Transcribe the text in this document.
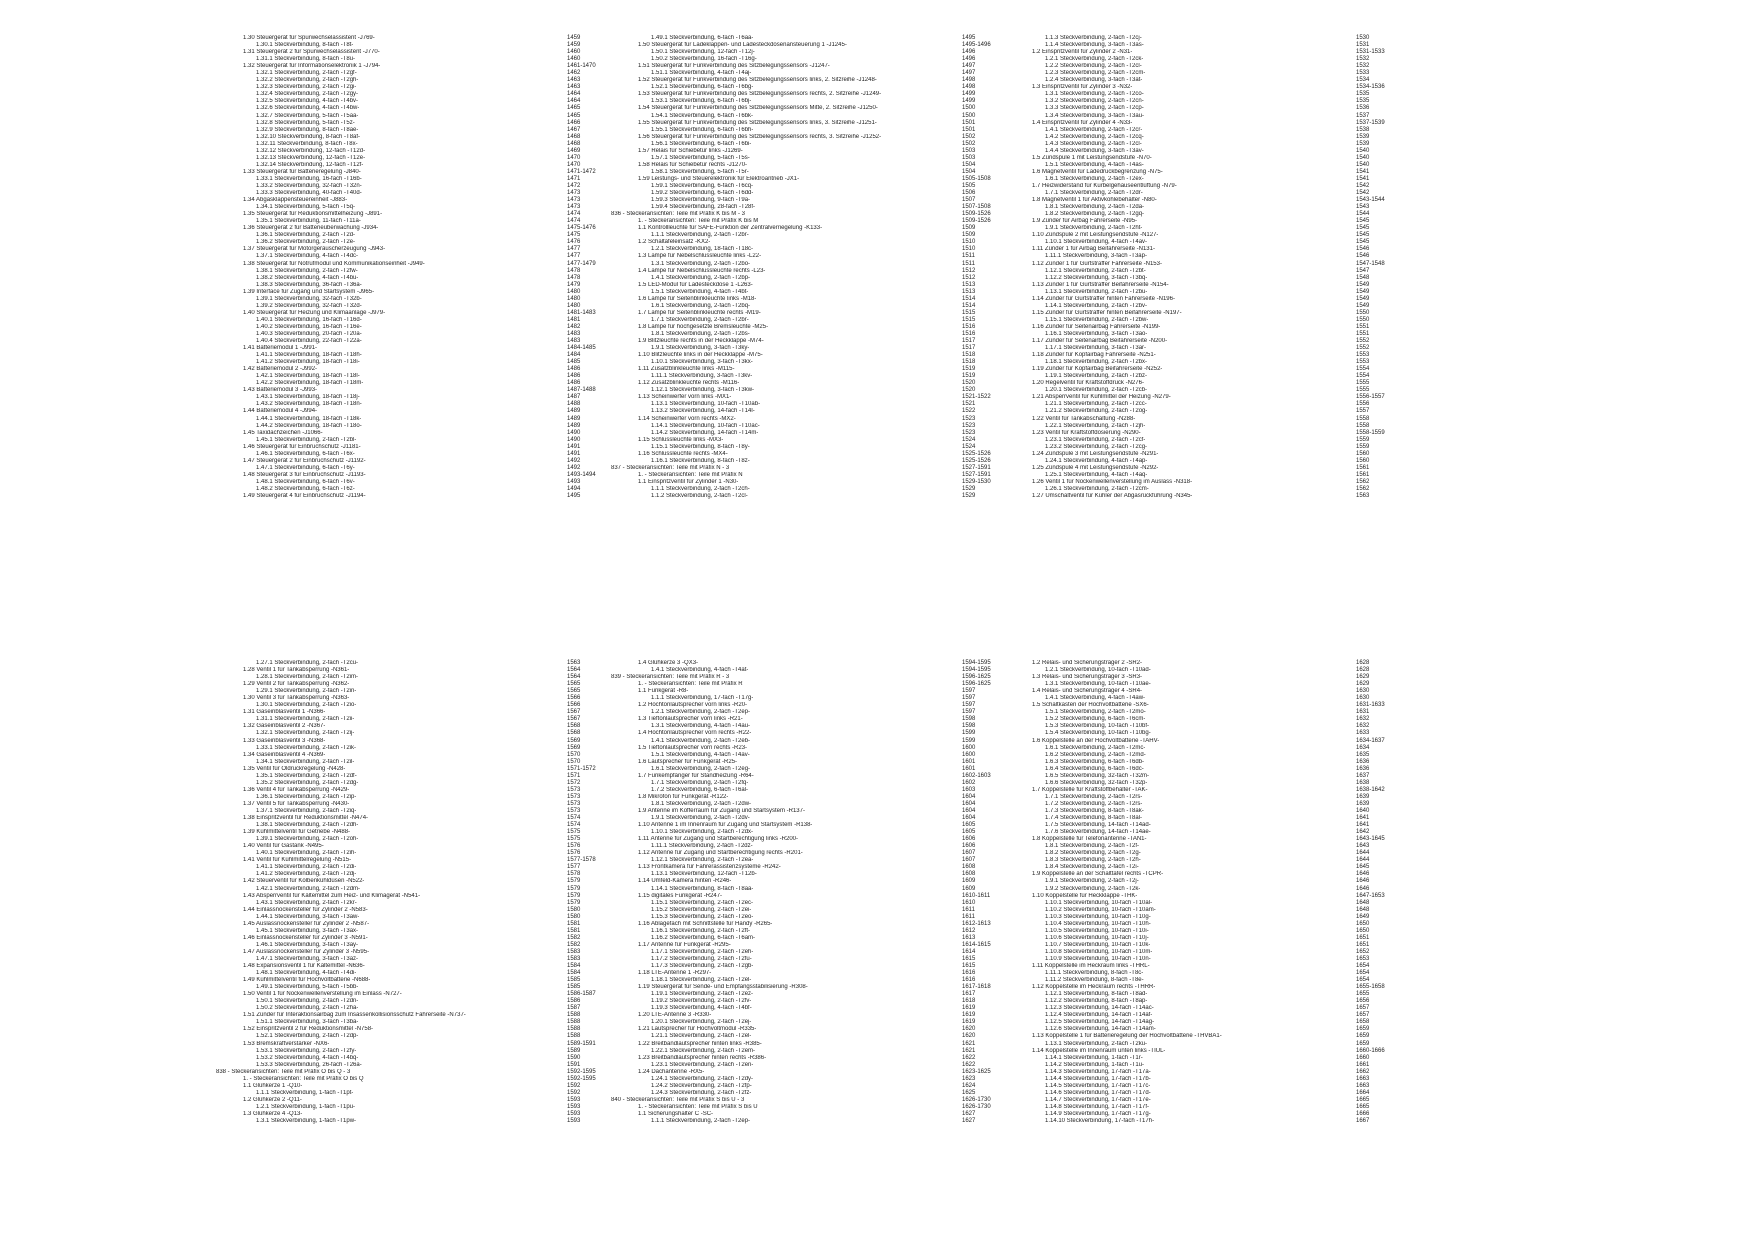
1.30 Steuergerät für Spurwechselassistent -J769-	1459
1.30.1 Steckverbindung, 8-fach -T8t-	1459
1.31 Steuergerät 2 für Spurwechselassistent -J770-	1460
1.31.1 Steckverbindung, 8-fach -T8u-	1460
1.32 Steuergerät für Informationselektronik 1 -J794-	1461-1470
1.32.1 Steckverbindung, 2-fach -T2gf-	1462
1.32.2 Steckverbindung, 2-fach -T2gh-	1463
1.32.3 Steckverbindung, 2-fach -T2gi-	1463
1.32.4 Steckverbindung, 2-fach -T2gy-	1464
1.32.5 Steckverbindung, 4-fach -T4bv-	1464
1.32.6 Steckverbindung, 4-fach -T4bw-	1465
1.32.7 Steckverbindung, 5-fach -T5aa-	1465
1.32.8 Steckverbindung, 5-fach -T5z-	1466
1.32.9 Steckverbindung, 8-fach -T8ae-	1467
1.32.10 Steckverbindung, 8-fach -T8af-	1468
1.32.11 Steckverbindung, 8-fach -T8x-	1468
1.32.12 Steckverbindung, 12-fach -T12d-	1469
1.32.13 Steckverbindung, 12-fach -T12e-	1470
1.32.14 Steckverbindung, 12-fach -T12f-	1470
1.33 Steuergerät für Batterieregelung -J840-	1471-1472
1.33.1 Steckverbindung, 16-fach -T16b-	1471
1.33.2 Steckverbindung, 32-fach -T32n-	1472
1.33.3 Steckverbindung, 40-fach -T40d-	1473
1.34 Abgasklappensteuereinheit -J883-	1473
1.34.1 Steckverbindung, 5-fach -T5q-	1473
1.35 Steuergerät für Reduktionsmittelheizung -J891-	1474
1.35.1 Steckverbindung, 11-fach -T11a-	1474
1.36 Steuergerät 2 für Batterieüberwachung -J934-	1475-1476
1.36.1 Steckverbindung, 2-fach -T2d-	1475
1.36.2 Steckverbindung, 2-fach -T2e-	1476
1.37 Steuergerät für Motorgeräuscherzeugung -J943-	1477
1.37.1 Steckverbindung, 4-fach -T4dc-	1477
1.38 Steuergerät für Notrufmodul und Kommunikationseinheit -J949-	1477-1479
1.38.1 Steckverbindung, 2-fach -T2fw-	1478
1.38.2 Steckverbindung, 4-fach -T4bu-	1478
1.38.3 Steckverbindung, 36-fach -T36a-	1479
1.39 Interface für Zugang und Startsystem -J965-	1480
1.39.1 Steckverbindung, 32-fach -T32b-	1480
1.39.2 Steckverbindung, 32-fach -T32d-	1480
1.40 Steuergerät für Heizung und Klimaanlage -J979-	1481-1483
1.40.1 Steckverbindung, 16-fach -T16d-	1481
1.40.2 Steckverbindung, 16-fach -T16e-	1482
1.40.3 Steckverbindung, 20-fach -T20a-	1483
1.40.4 Steckverbindung, 22-fach -T22a-	1483
1.41 Batteriemodul 1 -J991-	1484-1485
1.41.1 Steckverbindung, 18-fach -T18h-	1484
1.41.2 Steckverbindung, 18-fach -T18i-	1485
1.42 Batteriemodul 2 -J992-	1486
1.42.1 Steckverbindung, 18-fach -T18l-	1486
1.42.2 Steckverbindung, 18-fach -T18m-	1486
1.43 Batteriemodul 3 -J993-	1487-1488
1.43.1 Steckverbindung, 18-fach -T18j-	1487
1.43.2 Steckverbindung, 18-fach -T18n-	1488
1.44 Batteriemodul 4 -J994-	1489
1.44.1 Steckverbindung, 18-fach -T18k-	1489
1.44.2 Steckverbindung, 18-fach -T18o-	1489
1.45 Taxidachzeichen -J1066-	1490
1.45.1 Steckverbindung, 2-fach -T2bl-	1490
1.46 Steuergerät für Einbruchschutz -J1181-	1491
1.46.1 Steckverbindung, 6-fach -T6x-	1491
1.47 Steuergerät 2 für Einbruchschutz -J1192-	1492
1.47.1 Steckverbindung, 6-fach -T6y-	1492
1.48 Steuergerät 3 für Einbruchschutz -J1193-	1493-1494
1.48.1 Steckverbindung, 6-fach -T6v-	1493
1.48.2 Steckverbindung, 6-fach -T6z-	1494
1.49 Steuergerät 4 für Einbruchschutz -J1194-	1495
1.49.1 Steckverbindung, 6-fach -T6aa-	1495
1.50 Steuergerät für Ladeklappen- und Ladesteckdosenansteuerung 1 -J1245-	1495-1496
1.50.1 Steckverbindung, 12-fach -T12j-	1496
1.50.2 Steckverbindung, 16-fach -T16g-	1496
1.51 Steuergerät für Funkverbindung des Sitzbelegungssensors -J1247-	1497
1.51.1 Steckverbindung, 4-fach -T4aj-	1497
1.52 Steuergerät für Funkverbindung des Sitzbelegungssensors links, 2. Sitzreihe -J1248-	1498
1.52.1 Steckverbindung, 6-fach -T6bg-	1498
1.53 Steuergerät für Funkverbindung des Sitzbelegungssensors rechts, 2. Sitzreihe -J1249-	1499
1.53.1 Steckverbindung, 6-fach -T6bj-	1499
1.54 Steuergerät für Funkverbindung des Sitzbelegungssensors Mitte, 2. Sitzreihe -J1250-	1500
1.54.1 Steckverbindung, 6-fach -T6bk-	1500
1.55 Steuergerät für Funkverbindung des Sitzbelegungssensors links, 3. Sitzreihe -J1251-	1501
1.55.1 Steckverbindung, 6-fach -T6bh-	1501
1.56 Steuergerät für Funkverbindung des Sitzbelegungssensors rechts, 3. Sitzreihe -J1252-	1502
1.56.1 Steckverbindung, 6-fach -T6bi-	1502
1.57 Relais für Schiebetür links -J1269-	1503
1.57.1 Steckverbindung, 5-fach -T5s-	1503
1.58 Relais für Schiebetür rechts -J1270-	1504
1.58.1 Steckverbindung, 5-fach -T5r-	1504
1.59 Leistungs- und Steuerelektronik für Elektroantrieb -JX1-	1505-1508
1.59.1 Steckverbindung, 6-fach -T6cq-	1505
1.59.2 Steckverbindung, 6-fach -T6dd-	1506
1.59.3 Steckverbindung, 9-fach -T9a-	1507
1.59.4 Steckverbindung, 28-fach -T28f-	1507-1508
836 - Steckeransichten: Teile mit Präfix K bis M - 3	1509-1526
1. - Steckeransichten: Teile mit Präfix K bis M	1509-1526
1.1 Kontrollleuchte für SAFE-Funktion der Zentralverriegelung -K133-	1509
1.1.1 Steckverbindung, 2-fach -T2br-	1509
1.2 Schaltafeleinsatz -KX2-	1510
1.2.1 Steckverbindung, 18-fach -T18c-	1510
1.3 Lampe für Nebelschlussleuchte links -L22-	1511
1.3.1 Steckverbindung, 2-fach -T2bo-	1511
1.4 Lampe für Nebelschlussleuchte rechts -L23-	1512
1.4.1 Steckverbindung, 2-fach -T2bp-	1512
1.5 LED-Modul für Ladesteckdose 1 -L263-	1513
1.5.1 Steckverbindung, 4-fach -T4bt-	1513
1.6 Lampe für Seitenblinkleuchte links -M18-	1514
1.6.1 Steckverbindung, 2-fach -T2bq-	1514
1.7 Lampe für Seitenblinkleuchte rechts -M19-	1515
1.7.1 Steckverbindung, 2-fach -T2br-	1515
1.8 Lampe für hochgesetzte Bremsleuchte -M25-	1516
1.8.1 Steckverbindung, 2-fach -T2bs-	1516
1.9 Blitzleuchte rechts in der Heckklappe -M74-	1517
1.9.1 Steckverbindung, 3-fach -T3ky-	1517
1.10 Blitzleuchte links in der Heckklappe -M75-	1518
1.10.1 Steckverbindung, 3-fach -T3kx-	1518
1.11 Zusatzblinkleuchte links -M115-	1519
1.11.1 Steckverbindung, 3-fach -T3kv-	1519
1.12 Zusatzblinkleuchte rechts -M116-	1520
1.12.1 Steckverbindung, 3-fach -T3kw-	1520
1.13 Scheinwerfer vorn links -MX1-	1521-1522
1.13.1 Steckverbindung, 10-fach -T10ab-	1521
1.13.2 Steckverbindung, 14-fach -T14l-	1522
1.14 Scheinwerfer vorn rechts -MX2-	1523
1.14.1 Steckverbindung, 10-fach -T10ac-	1523
1.14.2 Steckverbindung, 14-fach -T14m-	1523
1.15 Schlussleuchte links -MX3-	1524
1.15.1 Steckverbindung, 8-fach -T8y-	1524
1.16 Schlussleuchte rechts -MX4-	1525-1526
1.16.1 Steckverbindung, 8-fach -T8z-	1525-1526
837 - Steckeransichten: Teile mit Präfix N - 3	1527-1591
1. - Steckeransichten: Teile mit Präfix N	1527-1591
1.1 Einspritzventil für Zylinder 1 -N30-	1529-1530
1.1.1 Steckverbindung, 2-fach -T2ch-	1529
1.1.2 Steckverbindung, 2-fach -T2cl-	1529
1.1.3 Steckverbindung, 2-fach -T2cj-	1530
1.1.4 Steckverbindung, 3-fach -T3as-	1531
1.2 Einspritzventil für Zylinder 2 -N31-	1531-1533
1.2.1 Steckverbindung, 2-fach -T2ck-	1532
1.2.2 Steckverbindung, 2-fach -T2cl-	1532
1.2.3 Steckverbindung, 2-fach -T2cm-	1533
1.2.4 Steckverbindung, 3-fach -T3at-	1534
1.3 Einspritzventil für Zylinder 3 -N32-	1534-1536
1.3.1 Steckverbindung, 2-fach -T2co-	1535
1.3.2 Steckverbindung, 2-fach -T2cn-	1535
1.3.3 Steckverbindung, 2-fach -T2cp-	1536
1.3.4 Steckverbindung, 3-fach -T3au-	1537
1.4 Einspritzventil für Zylinder 4 -N33-	1537-1539
1.4.1 Steckverbindung, 2-fach -T2cr-	1538
1.4.2 Steckverbindung, 2-fach -T2cq-	1539
1.4.3 Steckverbindung, 2-fach -T2cl-	1539
1.4.4 Steckverbindung, 3-fach -T3av-	1540
1.5 Zündspule 1 mit Leistungsendstufe -N70-	1540
1.5.1 Steckverbindung, 4-fach -T4as-	1540
1.6 Magnetventil für Ladedruckbegrenzung -N75-	1541
1.6.1 Steckverbindung, 2-fach -T2ex-	1541
1.7 Heizwiderstand für Kurbelgehäuseentlüftung -N79-	1542
1.7.1 Steckverbindung, 2-fach -T2dr-	1542
1.8 Magnetventil 1 für Aktivkohlebehälter -N80-	1543-1544
1.8.1 Steckverbindung, 2-fach -T2da-	1543
1.8.2 Steckverbindung, 2-fach -T2gq-	1544
1.9 Zünder für Airbag Fahrerseite -N95-	1545
1.9.1 Steckverbindung, 2-fach -T2ht-	1545
1.10 Zündspule 2 mit Leistungsendstufe -N127-	1545
1.10.1 Steckverbindung, 4-fach -T4av-	1545
1.11 Zünder 1 für Airbag Beifahrerseite -N131-	1546
1.11.1 Steckverbindung, 3-fach -T3ap-	1546
1.12 Zünder 1 für Gurtstraffer Fahrerseite -N153-	1547-1548
1.12.1 Steckverbindung, 2-fach -T2bt-	1547
1.12.2 Steckverbindung, 3-fach -T3bq-	1548
1.13 Zünder 1 für Gurtstraffer Beifahrerseite -N154-	1549
1.13.1 Steckverbindung, 2-fach -T2bu-	1549
1.14 Zünder für Gurtstraffer hinten Fahrerseite -N196-	1549
1.14.1 Steckverbindung, 2-fach -T2bv-	1549
1.15 Zünder für Gurtstraffer hinten Beifahrerseite -N197-	1550
1.15.1 Steckverbindung, 2-fach -T2bw-	1550
1.16 Zünder für Seitenairbag Fahrerseite -N199-	1551
1.16.1 Steckverbindung, 3-fach -T3ao-	1551
1.17 Zünder für Seitenairbag Beifahrerseite -N200-	1552
1.17.1 Steckverbindung, 3-fach -T3ar-	1552
1.18 Zünder für Kopfairbag Fahrerseite -N251-	1553
1.18.1 Steckverbindung, 2-fach -T2bx-	1553
1.19 Zünder für Kopfairbag Beifahrerseite -N252-	1554
1.19.1 Steckverbindung, 2-fach -T2bz-	1554
1.20 Regelventil für Kraftstoffdruck -N276-	1555
1.20.1 Steckverbindung, 2-fach -T2cb-	1555
1.21 Absperrventil für Kühlmittel der Heizung -N279-	1556-1557
1.21.1 Steckverbindung, 2-fach -T2cc-	1556
1.21.2 Steckverbindung, 2-fach -T2og-	1557
1.22 Ventil für Tankabschaltung -N288-	1558
1.22.1 Steckverbindung, 2-fach -T2jh-	1558
1.23 Ventil für Kraftstoffdosierung -N290-	1558-1559
1.23.1 Steckverbindung, 2-fach -T2cf-	1559
1.23.2 Steckverbindung, 2-fach -T2cg-	1559
1.24 Zündspule 3 mit Leistungsendstufe -N291-	1560
1.24.1 Steckverbindung, 4-fach -T4ap-	1560
1.25 Zündspule 4 mit Leistungsendstufe -N292-	1561
1.25.1 Steckverbindung, 4-fach -T4aq-	1561
1.26 Ventil 1 für Nockenwellenverstellung im Auslass -N318-	1562
1.26.1 Steckverbindung, 2-fach -T2cm-	1562
1.27 Umschaltventil für Kühler der Abgasrückführung -N345-	1563
1.27.1 Steckverbindung, 2-fach -T2cu-	1563
1.28 Ventil 1 für Tankabsperrung -N361-	1564
1.28.1 Steckverbindung, 2-fach -T2im-	1564
1.29 Ventil 2 für Tankabsperrung -N362-	1565
1.29.1 Steckverbindung, 2-fach -T2in-	1565
1.30 Ventil 3 für Tankabsperrung -N363-	1566
1.30.1 Steckverbindung, 2-fach -T2io-	1566
1.31 Gaseinblasventil 1 -N366-	1567
1.31.1 Steckverbindung, 2-fach -T2ii-	1567
1.32 Gaseinblasventil 2 -N367-	1568
1.32.1 Steckverbindung, 2-fach -T2ij-	1568
1.33 Gaseinblasventil 3 -N368-	1569
1.33.1 Steckverbindung, 2-fach -T2ik-	1569
1.34 Gaseinblasventil 4 -N369-	1570
1.34.1 Steckverbindung, 2-fach -T2il-	1570
1.35 Ventil für Öldruckregelung -N428-	1571-1572
1.35.1 Steckverbindung, 2-fach -T2df-	1571
1.35.2 Steckverbindung, 2-fach -T2dg-	1572
1.36 Ventil 4 für Tankabsperrung -N429-	1573
1.36.1 Steckverbindung, 2-fach -T2ip-	1573
1.37 Ventil 5 für Tankabsperrung -N430-	1573
1.37.1 Steckverbindung, 2-fach -T2iq-	1573
1.38 Einspritzventil für Reduktionsmittel -N474-	1574
1.38.1 Steckverbindung, 2-fach -T2dh-	1574
1.39 Kühlmittelventil für Getriebe -N488-	1575
1.39.1 Steckverbindung, 2-fach -T2oh-	1575
1.40 Ventil für Gastank -N495-	1576
1.40.1 Steckverbindung, 2-fach -T2ih-	1576
1.41 Ventil für Kühlmittelregelung -N515-	1577-1578
1.41.1 Steckverbindung, 2-fach -T2di-	1577
1.41.2 Steckverbindung, 2-fach -T2dj-	1578
1.42 Steuerventil für Kolbenkühldüsen -N522-	1579
1.42.1 Steckverbindung, 2-fach -T2dm-	1579
1.43 Absperrventil für Kältemittel zum Heiz- und Klimagerät -N541-	1579
1.43.1 Steckverbindung, 2-fach -T2kr-	1579
1.44 Einlassnockensteller für Zylinder 2 -N583-	1580
1.44.1 Steckverbindung, 3-fach -T3aw-	1580
1.45 Auslassnockensteller für Zylinder 2 -N587-	1581
1.45.1 Steckverbindung, 3-fach -T3ax-	1581
1.46 Einlassnockensteller für Zylinder 3 -N591-	1582
1.46.1 Steckverbindung, 3-fach -T3ay-	1582
1.47 Auslassnockensteller für Zylinder 3 -N595-	1583
1.47.1 Steckverbindung, 3-fach -T3az-	1583
1.48 Expansionsventil 1 für Kältemittel -N636-	1584
1.48.1 Steckverbindung, 4-fach -T4di-	1584
1.49 Kühlmittelventil für Hochvoltbatterie -N688-	1585
1.49.1 Steckverbindung, 5-fach -T5bb-	1585
1.50 Ventil 1 für Nockenwellenverstellung im Einlass -N727-	1586-1587
1.50.1 Steckverbindung, 2-fach -T2dn-	1586
1.50.2 Steckverbindung, 2-fach -T2ha-	1587
1.51 Zünder für Interaktionsairbag zum Insassenkollisionsschutz Fahrerseite -N737-	1588
1.51.1 Steckverbindung, 3-fach -T3ba-	1588
1.52 Einspritzventil 2 für Reduktionsmittel -N758-	1588
1.52.1 Steckverbindung, 2-fach -T2dp-	1588
1.53 Bremskraftverstärker -NX6-	1589-1591
1.53.1 Steckverbindung, 2-fach -T2fy-	1589
1.53.2 Steckverbindung, 4-fach -T4bq-	1590
1.53.3 Steckverbindung, 26-fach -T26a-	1591
838 - Steckeransichten: Teile mit Präfix O bis Q - 3	1592-1595
1. - Steckeransichten: Teile mit Präfix O bis Q	1592-1595
1.1 Glühkerze 1 -Q10-	1592
1.1.1 Steckverbindung, 1-fach -T1pt-	1592
1.2 Glühkerze 2 -Q11-	1593
1.2.1 Steckverbindung, 1-fach -T1pu-	1593
1.3 Glühkerze 4 -Q13-	1593
1.3.1 Steckverbindung, 1-fach -T1pw-	1593
1.4 Glühkerze 3 -QX3-	1594-1595
1.4.1 Steckverbindung, 4-fach -T4at-	1594-1595
839 - Steckeransichten: Teile mit Präfix R - 3	1596-1625
1. - Steckeransichten: Teile mit Präfix R	1596-1625
1.1 Funkgerät -R8-	1597
1.1.1 Steckverbindung, 17-fach -T17g-	1597
1.2 Hochtonlautsprecher vorn links -R20-	1597
1.2.1 Steckverbindung, 2-fach -T2ep-	1597
1.3 Tieftonlautsprecher vorn links -R21-	1598
1.3.1 Steckverbindung, 4-fach -T4au-	1598
1.4 Hochtonlautsprecher vorn rechts -R22-	1599
1.4.1 Steckverbindung, 2-fach -T2eb-	1599
1.5 Tieftonlautsprecher vorn rechts -R23-	1600
1.5.1 Steckverbindung, 4-fach -T4av-	1600
1.6 Lautsprecher für Funkgerät -R25-	1601
1.6.1 Steckverbindung, 2-fach -T2eg-	1601
1.7 Funkempfänger für Standheizung -R64-	1602-1603
1.7.1 Steckverbindung, 2-fach -T2fq-	1602
1.7.2 Steckverbindung, 6-fach -T6al-	1603
1.8 Mikrofon für Funkgerät -R122-	1604
1.8.1 Steckverbindung, 2-fach -T2dw-	1604
1.9 Antenne im Kofferraum für Zugang und Startsystem -R137-	1604
1.9.1 Steckverbindung, 2-fach -T2dv-	1604
1.10 Antenne 1 im Innenraum für Zugang und Startsystem -R138-	1605
1.10.1 Steckverbindung, 2-fach -T2dx-	1605
1.11 Antenne für Zugang und Startberechtigung links -R200-	1606
1.11.1 Steckverbindung, 2-fach -T2dz-	1606
1.12 Antenne für Zugang und Startberechtigung rechts -R201-	1607
1.12.1 Steckverbindung, 2-fach -T2ea-	1607
1.13 Frontkamera für Fahrerassistenzsysteme -R242-	1608
1.13.1 Steckverbindung, 12-fach -T12b-	1608
1.14 Umfeld-Kamera hinten -R246-	1609
1.14.1 Steckverbindung, 8-fach -T8aa-	1609
1.15 digitales Funkgerät -R247-	1610-1611
1.15.1 Steckverbindung, 2-fach -T2ec-	1610
1.15.2 Steckverbindung, 2-fach -T2ei-	1611
1.15.3 Steckverbindung, 2-fach -T2eo-	1611
1.16 Ablagefach mit Schnittstelle für Handy -R265-	1612-1613
1.16.1 Steckverbindung, 2-fach -T2ft-	1612
1.16.2 Steckverbindung, 6-fach -T6am-	1613
1.17 Antenne für Funkgerät -R295-	1614-1615
1.17.1 Steckverbindung, 2-fach -T2eh-	1614
1.17.2 Steckverbindung, 2-fach -T2fu-	1615
1.17.3 Steckverbindung, 2-fach -T2gb-	1615
1.18 LTE-Antenne 1 -R297-	1616
1.18.1 Steckverbindung, 2-fach -T2el-	1616
1.19 Steuergerät für Sende- und Empfangsstabilisierung -R308-	1617-1618
1.19.1 Steckverbindung, 2-fach -T2ez-	1617
1.19.2 Steckverbindung, 2-fach -T2fv-	1618
1.19.3 Steckverbindung, 4-fach -T4bf-	1619
1.20 LTE-Antenne 3 -R330-	1619
1.20.1 Steckverbindung, 2-fach -T2ej-	1619
1.21 Lautsprecher für Hochvoltmodul -R335-	1620
1.21.1 Steckverbindung, 2-fach -T2el-	1620
1.22 Breitbandlautsprecher hinten links -R385-	1621
1.22.1 Steckverbindung, 2-fach -T2em-	1621
1.23 Breitbandlautsprecher hinten rechts -R386-	1622
1.23.1 Steckverbindung, 2-fach -T2en-	1622
1.24 Dachantenne -RX5-	1623-1625
1.24.1 Steckverbindung, 2-fach -T2dy-	1623
1.24.2 Steckverbindung, 2-fach -T2fp-	1624
1.24.3 Steckverbindung, 2-fach -T2fz-	1625
840 - Steckeransichten: Teile mit Präfix S bis U - 3	1626-1730
1. - Steckeransichten: Teile mit Präfix S bis U	1626-1730
1.1 Sicherungshalter C -SC-	1627
1.1.1 Steckverbindung, 2-fach -T2ep-	1627
1.2 Relais- und Sicherungsträger 2 -SR2-	1628
1.2.1 Steckverbindung, 10-fach -T10ad-	1628
1.3 Relais- und Sicherungsträger 3 -SR3-	1629
1.3.1 Steckverbindung, 10-fach -T10ae-	1629
1.4 Relais- und Sicherungsträger 4 -SR4-	1630
1.4.1 Steckverbindung, 4-fach -T4aw-	1630
1.5 Schaltkasten der Hochvoltbatterie -SX6-	1631-1633
1.5.1 Steckverbindung, 2-fach -T2mo-	1631
1.5.2 Steckverbindung, 6-fach -T6cm-	1632
1.5.3 Steckverbindung, 10-fach -T10bf-	1632
1.5.4 Steckverbindung, 10-fach -T10bg-	1633
1.6 Koppelstelle an der Hochvoltbatterie -TAHV-	1634-1637
1.6.1 Steckverbindung, 2-fach -T2mc-	1634
1.6.2 Steckverbindung, 2-fach -T2md-	1635
1.6.3 Steckverbindung, 6-fach -T6db-	1636
1.6.4 Steckverbindung, 6-fach -T6dc-	1636
1.6.5 Steckverbindung, 32-fach -T32m-	1637
1.6.6 Steckverbindung, 32-fach -T32p-	1638
1.7 Koppelstelle für Kraftstoffbehälter -TAK-	1638-1642
1.7.1 Steckverbindung, 2-fach -T2rs-	1639
1.7.2 Steckverbindung, 2-fach -T2rs-	1639
1.7.3 Steckverbindung, 8-fach -T8ak-	1640
1.7.4 Steckverbindung, 8-fach -T8al-	1641
1.7.5 Steckverbindung, 14-fach -T14ad-	1641
1.7.6 Steckverbindung, 14-fach -T14ae-	1642
1.8 Koppelstelle für Telefonantenne -TAN1-	1643-1645
1.8.1 Steckverbindung, 2-fach -T2f-	1643
1.8.2 Steckverbindung, 2-fach -T2g-	1644
1.8.3 Steckverbindung, 2-fach -T2h-	1644
1.8.4 Steckverbindung, 2-fach -T2i-	1645
1.9 Koppelstelle an der Schalttafel rechts -TCPR-	1646
1.9.1 Steckverbindung, 2-fach -T2j-	1646
1.9.2 Steckverbindung, 2-fach -T2k-	1646
1.10 Koppelstelle für Heckklappe -THK-	1647-1653
1.10.1 Steckverbindung, 10-fach -T10al-	1648
1.10.2 Steckverbindung, 10-fach -T10am-	1648
1.10.3 Steckverbindung, 10-fach -T10g-	1649
1.10.4 Steckverbindung, 10-fach -T10h-	1650
1.10.5 Steckverbindung, 10-fach -T10i-	1650
1.10.6 Steckverbindung, 10-fach -T10j-	1651
1.10.7 Steckverbindung, 10-fach -T10k-	1651
1.10.8 Steckverbindung, 10-fach -T10m-	1652
1.10.9 Steckverbindung, 10-fach -T10n-	1653
1.11 Koppelstelle im Heckraum links -THRL-	1654
1.11.1 Steckverbindung, 8-fach -T8c-	1654
1.11.2 Steckverbindung, 8-fach -T8e-	1654
1.12 Koppelstelle im Heckraum rechts -THRR-	1655-1658
1.12.1 Steckverbindung, 8-fach -T8ad-	1655
1.12.2 Steckverbindung, 8-fach -T8ap-	1656
1.12.3 Steckverbindung, 14-fach -T14ac-	1657
1.12.4 Steckverbindung, 14-fach -T14af-	1657
1.12.5 Steckverbindung, 14-fach -T14ag-	1658
1.12.6 Steckverbindung, 14-fach -T14am-	1659
1.13 Koppelstelle 1 für Batterieregelung der Hochvoltbatterie -THVBA1-	1659
1.13.1 Steckverbindung, 2-fach -T2ku-	1659
1.14 Koppelstelle im Innenraum unten links -TIUL-	1660-1666
1.14.1 Steckverbindung, 1-fach -T1r-	1660
1.14.2 Steckverbindung, 1-fach -T1u-	1661
1.14.3 Steckverbindung, 17-fach -T17a-	1662
1.14.4 Steckverbindung, 17-fach -T17b-	1663
1.14.5 Steckverbindung, 17-fach -T17c-	1663
1.14.6 Steckverbindung, 17-fach -T17d-	1664
1.14.7 Steckverbindung, 17-fach -T17e-	1665
1.14.8 Steckverbindung, 17-fach -T17f-	1665
1.14.9 Steckverbindung, 17-fach -T17g-	1666
1.14.10 Steckverbindung, 17-fach -T17h-	1667
